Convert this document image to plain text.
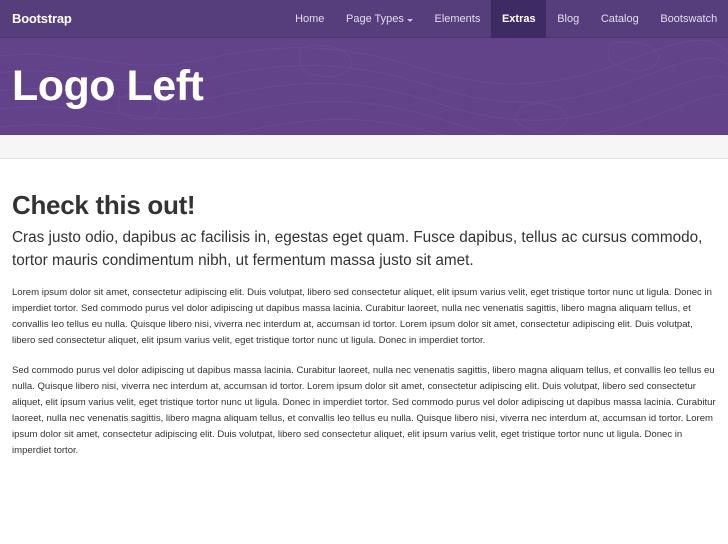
Bootstrap	Home Page Types	Elements Extras Blog Catalog Bootswatch
Logo Left
Check this out!

Cras justo odio, dapibus ac facilisis in, egestas eget quam. Fusce dapibus, tellus ac cursus commodo, tortor mauris condimentum nibh, ut fermentum massa justo sit amet.

Lorem ipsum dolor sit amet, consectetur adipiscing elit. Duis volutpat, libero sed consectetur aliquet, elit ipsum varius velit, eget tristique tortor nunc ut ligula. Donec in imperdiet tortor. Sed commodo purus vel dolor adipiscing ut dapibus massa lacinia. Curabitur laoreet, nulla nec venenatis sagittis, libero magna aliquam tellus, et convallis leo tellus eu nulla. Quisque libero nisi, viverra nec interdum at, accumsan id tortor. Lorem ipsum dolor sit amet, consectetur adipiscing elit. Duis volutpat, libero sed consectetur aliquet, elit ipsum varius velit, eget tristique tortor nunc ut ligula. Donec in imperdiet tortor.

Sed commodo purus vel dolor adipiscing ut dapibus massa lacinia. Curabitur laoreet, nulla nec venenatis sagittis, libero magna aliquam tellus, et convallis leo tellus eu nulla. Quisque libero nisi, viverra nec interdum at, accumsan id tortor. Lorem ipsum dolor sit amet, consectetur adipiscing elit. Duis volutpat, libero sed consectetur aliquet, elit ipsum varius velit, eget tristique tortor nunc ut ligula. Donec in imperdiet tortor. Sed commodo purus vel dolor adipiscing ut dapibus massa lacinia. Curabitur laoreet, nulla nec venenatis sagittis, libero magna aliquam tellus, et convallis leo tellus eu nulla. Quisque libero nisi, viverra nec interdum at, accumsan id tortor. Lorem ipsum dolor sit amet, consectetur adipiscing elit. Duis volutpat, libero sed consectetur aliquet, elit ipsum varius velit, eget tristique tortor nunc ut ligula. Donec in imperdiet tortor.
